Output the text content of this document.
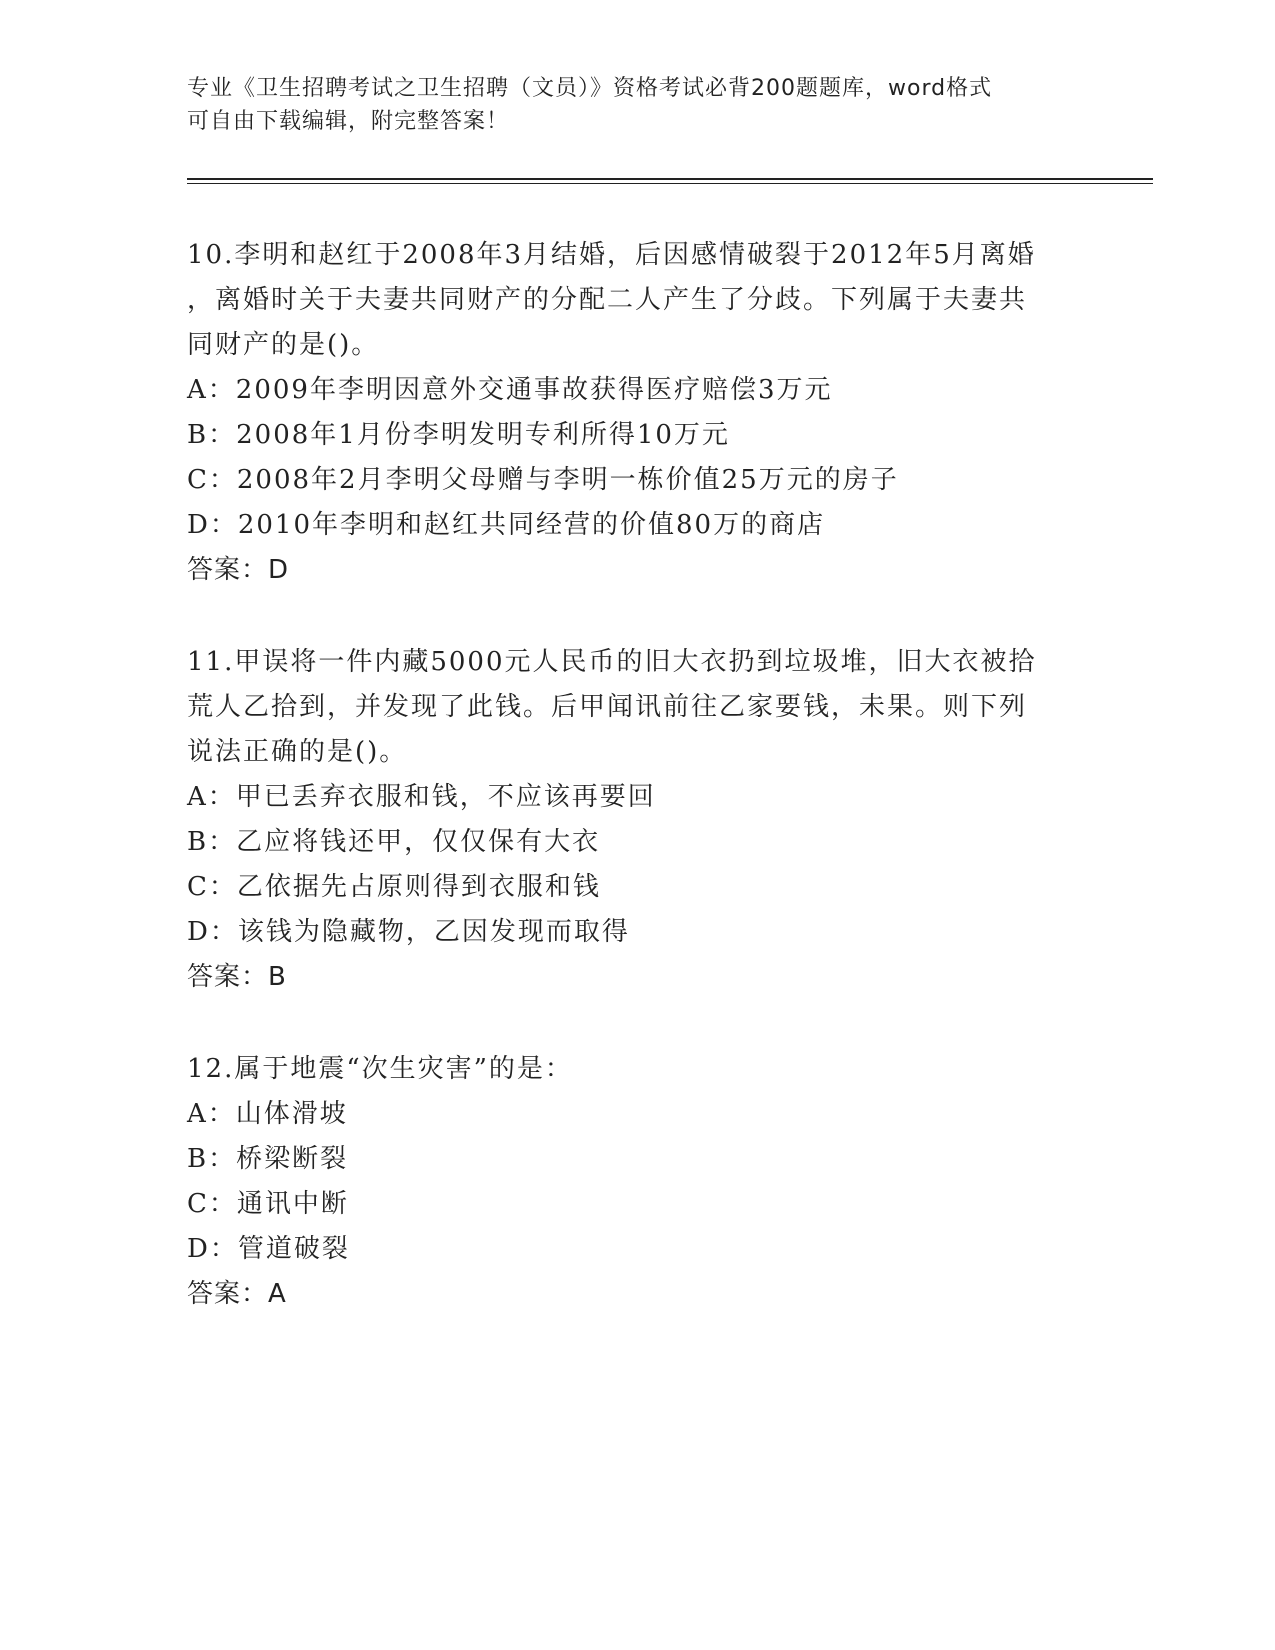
专业《卫生招聘考试之卫生招聘（文员）》资格考试必背200题题库，word格式
可自由下载编辑，附完整答案！

10.李明和赵红于2008年3月结婚，后因感情破裂于2012年5月离婚

，离婚时关于夫妻共同财产的分配二人产生了分歧。下列属于夫妻共

同财产的是()。

A：2009年李明因意外交通事故获得医疗赔偿3万元

B：2008年1月份李明发明专利所得10万元

C：2008年2月李明父母赠与李明一栋价值25万元的房子

D：2010年李明和赵红共同经营的价值80万的商店

答案：D

11.甲误将一件内藏5000元人民币的旧大衣扔到垃圾堆，旧大衣被拾

荒人乙拾到，并发现了此钱。后甲闻讯前往乙家要钱，未果。则下列

说法正确的是()。

A：甲已丢弃衣服和钱，不应该再要回

B：乙应将钱还甲，仅仅保有大衣

C：乙依据先占原则得到衣服和钱

D：该钱为隐藏物，乙因发现而取得

答案：B

12.属于地震“次生灾害”的是：

A：山体滑坡

B：桥梁断裂

C：通讯中断

D：管道破裂

答案：A
